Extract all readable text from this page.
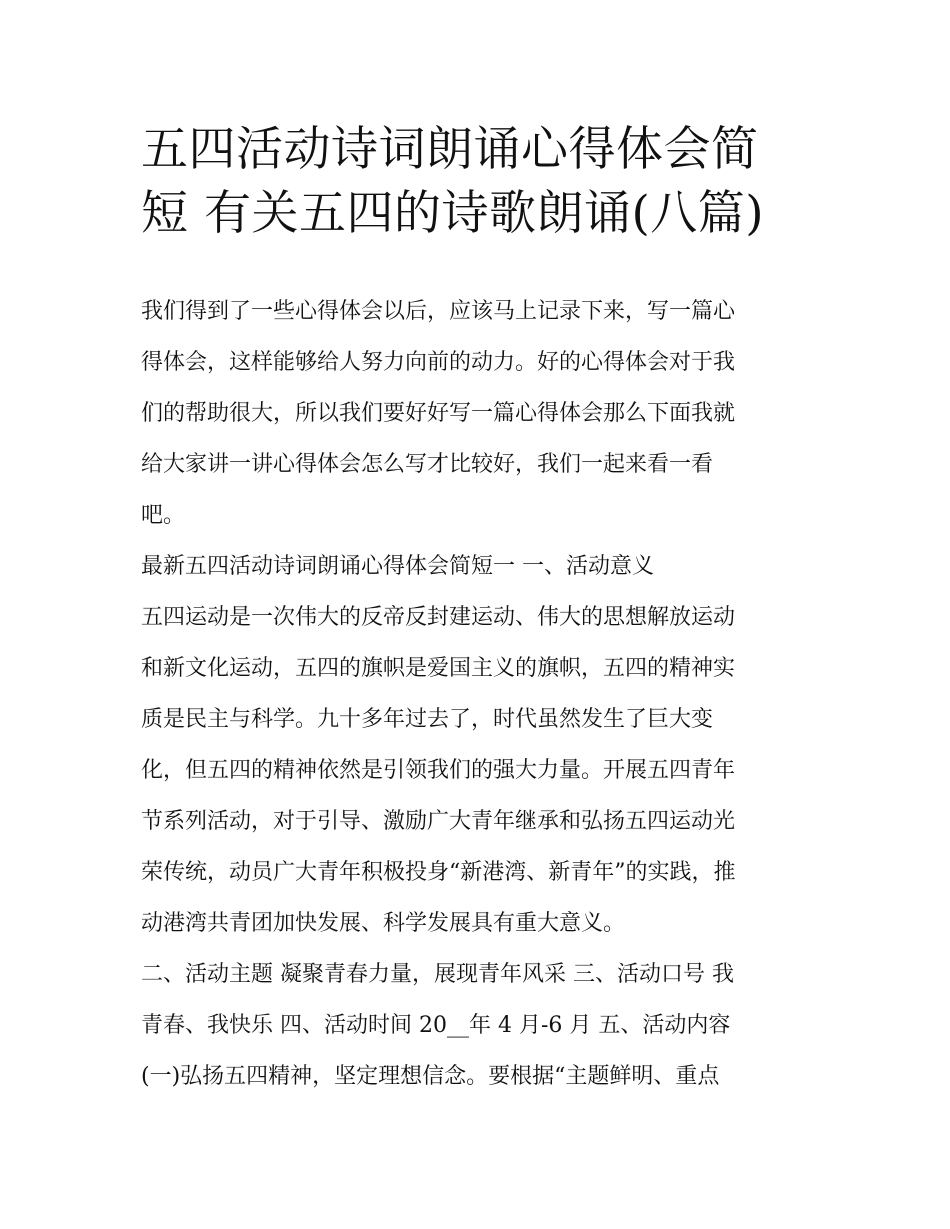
五四活动诗词朗诵心得体会简
短 有关五四的诗歌朗诵(八篇)
我们得到了一些心得体会以后，应该马上记录下来，写一篇心
得体会，这样能够给人努力向前的动力。好的心得体会对于我
们的帮助很大，所以我们要好好写一篇心得体会那么下面我就
给大家讲一讲心得体会怎么写才比较好，我们一起来看一看
吧。
最新五四活动诗词朗诵心得体会简短一 一、活动意义
五四运动是一次伟大的反帝反封建运动、伟大的思想解放运动
和新文化运动，五四的旗帜是爱国主义的旗帜，五四的精神实
质是民主与科学。九十多年过去了，时代虽然发生了巨大变
化，但五四的精神依然是引领我们的强大力量。开展五四青年
节系列活动，对于引导、激励广大青年继承和弘扬五四运动光
荣传统，动员广大青年积极投身“新港湾、新青年”的实践，推
动港湾共青团加快发展、科学发展具有重大意义。
二、活动主题 凝聚青春力量，展现青年风采 三、活动口号 我
青春、我快乐 四、活动时间 20__年 4 月-6 月 五、活动内容
(一)弘扬五四精神，坚定理想信念。要根据“主题鲜明、重点
